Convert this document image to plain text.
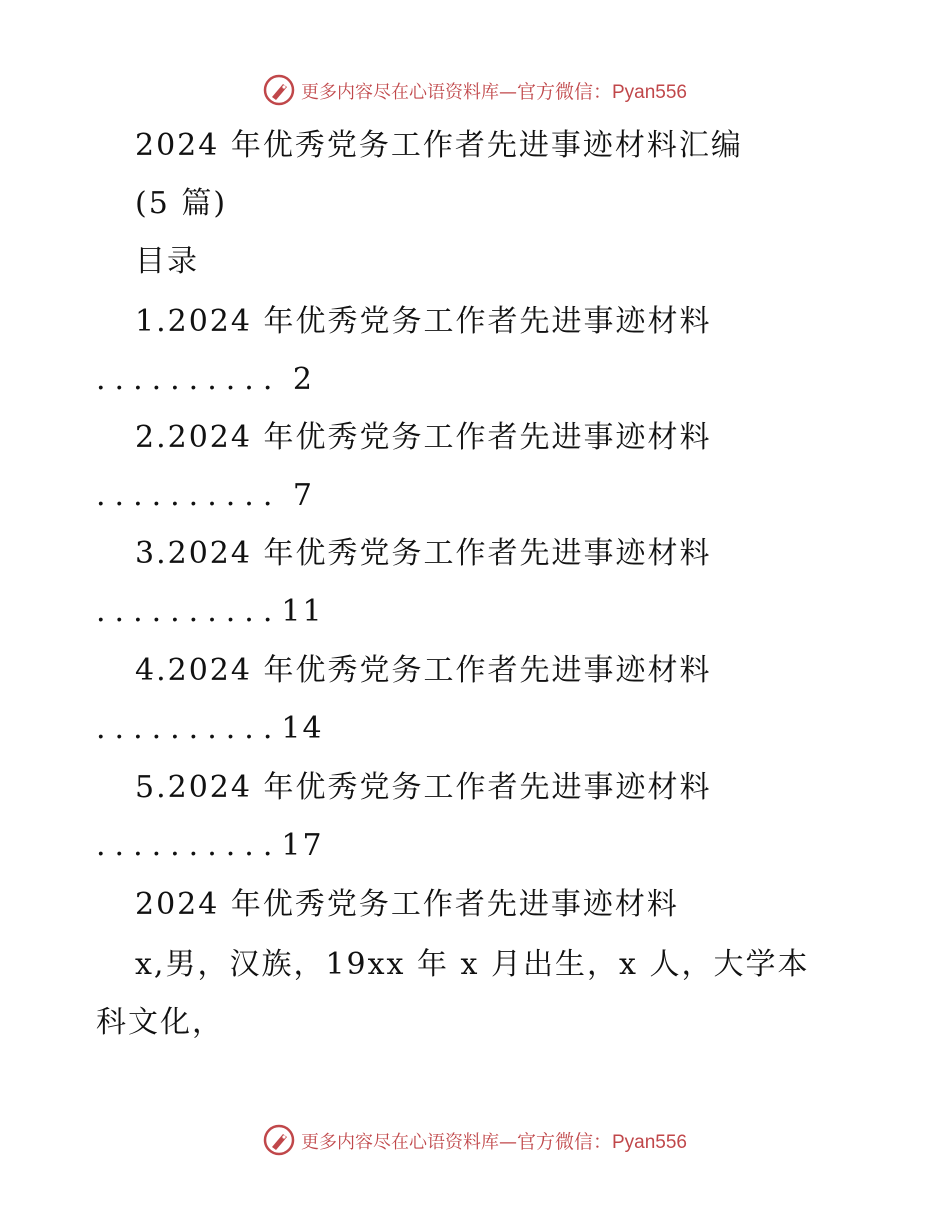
更多内容尽在心语资料库—官方微信：Pyan556
2024 年优秀党务工作者先进事迹材料汇编
(5 篇)
目录
1.2024 年优秀党务工作者先进事迹材料
.......... 2
2.2024 年优秀党务工作者先进事迹材料
.......... 7
3.2024 年优秀党务工作者先进事迹材料
..........11
4.2024 年优秀党务工作者先进事迹材料
..........14
5.2024 年优秀党务工作者先进事迹材料
..........17
2024 年优秀党务工作者先进事迹材料
x,男，汉族，19xx 年 x 月出生，x 人，大学本
科文化，
更多内容尽在心语资料库—官方微信：Pyan556
